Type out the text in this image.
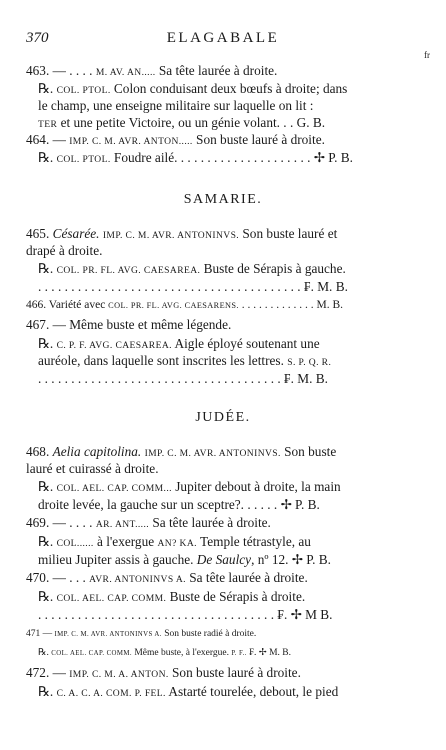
370	ELAGABALE
fr
463. — . . . . M. AV. AN..... Sa tête laurée à droite.
℞. COL. PTOL. Colon conduisant deux bœufs à droite; dans
le champ, une enseigne militaire sur laquelle on lit :
TER et une petite Victoire, ou un génie volant. . . G. B.
464. — IMP. C. M. AVR. ANTON..... Son buste lauré à droite.
℞. COL. PTOL. Foudre ailé. . . . . . . . . . . . . . . . . . . . . ✢ P. B.
SAMARIE.
465. Césarée. IMP. C. M. AVR. ANTONINVS. Son buste lauré et
drapé à droite.
℞. COL. PR. FL. AVG. CAESAREA. Buste de Sérapis à gauche.
. . . . . . . . . . . . . . . . . . . . . . . . . . . . . . . . . . . . . . . . ₣. M. B.
466. Variété avec COL. PR. FL. AVG. CAESARENS. . . . . . . . . . . . . . M. B.
467. — Même buste et même légende.
℞. C. P. F. AVG. CAESAREA. Aigle éployé soutenant une
auréole, dans laquelle sont inscrites les lettres. S. P. Q. R.
. . . . . . . . . . . . . . . . . . . . . . . . . . . . . . . . . . . . . ₣. M. B.
JUDÉE.
468. Aelia capitolina. IMP. C. M. AVR. ANTONINVS. Son buste
lauré et cuirassé à droite.
℞. COL. AEL. CAP. COMM... Jupiter debout à droite, la main
droite levée, la gauche sur un sceptre?. . . . . . ✢ P. B.
469. — . . . . AR. ANT..... Sa tête laurée à droite.
℞. COL...... à l'exergue AN? KA. Temple tétrastyle, au
milieu Jupiter assis à gauche. De Saulcy, nº 12. ✢ P. B.
470. — . . . AVR. ANTONINVS A. Sa tête laurée à droite.
℞. COL. AEL. CAP. COMM. Buste de Sérapis à droite.
. . . . . . . . . . . . . . . . . . . . . . . . . . . . . . . . . . . . ₣. ✢ M B.
471 — IMP. C. M. AVR. ANTONINVS A. Son buste radié à droite.
℞. COL. AEL. CAP. COMM. Même buste, à l'exergue. P. F.. ₣. ✢ M. B.
472. — IMP. C. M. A. ANTON. Son buste lauré à droite.
℞. C. A. C. A. COM. P. FEL. Astarté tourelée, debout, le pied
